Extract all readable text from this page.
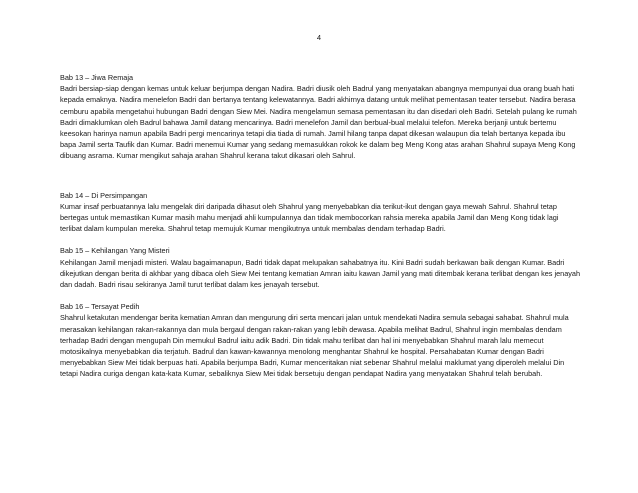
4

Bab 13 – Jiwa Remaja
Badri bersiap-siap dengan kemas untuk keluar berjumpa dengan Nadira. Badri diusik oleh Badrul yang menyatakan abangnya mempunyai dua orang buah hati kepada emaknya. Nadira menelefon Badri dan bertanya tentang kelewatannya. Badri akhirnya datang untuk melihat pementasan teater tersebut. Nadira berasa cemburu apabila mengetahui hubungan Badri dengan Siew Mei. Nadira mengelamun semasa pementasan itu dan disedari oleh Badri. Setelah pulang ke rumah Badri dimaklumkan oleh Badrul bahawa Jamil datang mencarinya. Badri menelefon Jamil dan berbual-bual melalui telefon. Mereka berjanji untuk bertemu keesokan harinya namun apabila Badri pergi mencarinya tetapi dia tiada di rumah. Jamil hilang tanpa dapat dikesan walaupun dia telah bertanya kepada ibu bapa Jamil serta Taufik dan Kumar. Badri menemui Kumar yang sedang memasukkan rokok ke dalam beg Meng Kong atas arahan Shahrul supaya Meng Kong dibuang asrama. Kumar mengikut sahaja arahan Shahrul kerana takut dikasari oleh Sahrul.

Bab 14 – Di Persimpangan
Kumar insaf perbuatannya lalu mengelak diri daripada dihasut oleh Shahrul yang menyebabkan dia terikut-ikut dengan gaya mewah Sahrul. Shahrul tetap bertegas untuk memastikan Kumar masih mahu menjadi ahli kumpulannya dan tidak membocorkan rahsia mereka apabila Jamil dan Meng Kong tidak lagi terlibat dalam kumpulan mereka. Shahrul tetap memujuk Kumar mengikutnya untuk membalas dendam terhadap Badri.

Bab 15 – Kehilangan Yang Misteri
Kehilangan Jamil menjadi misteri. Walau bagaimanapun, Badri tidak dapat melupakan sahabatnya itu. Kini Badri sudah berkawan baik dengan Kumar. Badri dikejutkan dengan berita di akhbar yang dibaca oleh Siew Mei tentang kematian Amran iaitu kawan Jamil yang mati ditembak kerana terlibat dengan kes jenayah dan dadah. Badri risau sekiranya Jamil turut terlibat dalam kes jenayah tersebut.

Bab 16 – Tersayat Pedih
Shahrul ketakutan mendengar berita kematian Amran dan mengurung diri serta mencari jalan untuk mendekati Nadira semula sebagai sahabat. Shahrul mula merasakan kehilangan rakan-rakannya dan mula bergaul dengan rakan-rakan yang lebih dewasa. Apabila melihat Badrul, Shahrul ingin membalas dendam terhadap Badri dengan mengupah Din memukul Badrul iaitu adik Badri. Din tidak mahu terlibat dan hal ini menyebabkan Shahrul marah lalu memecut motosikalnya menyebabkan dia terjatuh. Badrul dan kawan-kawannya menolong menghantar Shahrul ke hospital. Persahabatan Kumar dengan Badri menyebabkan Siew Mei tidak berpuas hati. Apabila berjumpa Badri, Kumar menceritakan niat sebenar Shahrul melalui maklumat yang diperoleh melalui Din tetapi Nadira curiga dengan kata-kata Kumar, sebaliknya Siew Mei tidak bersetuju dengan pendapat Nadira yang menyatakan Shahrul telah berubah.
